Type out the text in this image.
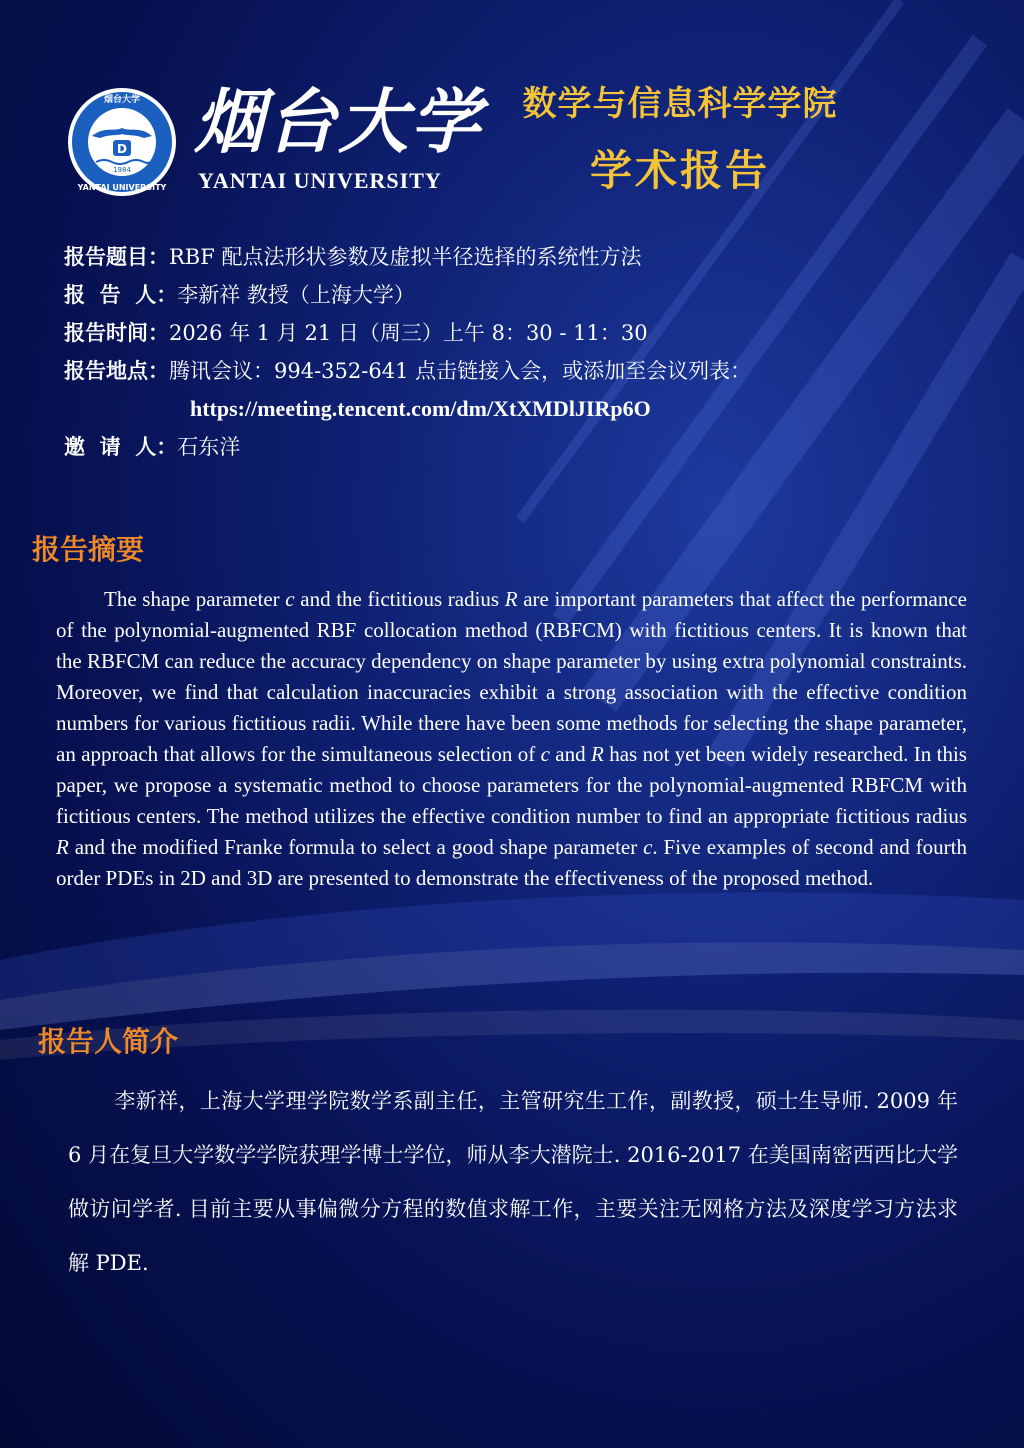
D
1984
烟台大学
YANTAI UNIVERSITY
烟台大学
YANTAI UNIVERSITY
数学与信息科学学院
学术报告
报告题目：RBF 配点法形状参数及虚拟半径选择的系统性方法
报  告  人：李新祥 教授（上海大学）
报告时间：2026 年 1 月 21 日（周三）上午 8：30 - 11：30
报告地点：腾讯会议：994-352-641 点击链接入会，或添加至会议列表：
https://meeting.tencent.com/dm/XtXMDlJIRp6O
邀  请  人：石东洋
报告摘要

The shape parameter c and the fictitious radius R are important parameters that affect the performance of the polynomial-augmented RBF collocation method (RBFCM) with fictitious centers. It is known that the RBFCM can reduce the accuracy dependency on shape parameter by using extra polynomial constraints. Moreover, we find that calculation inaccuracies exhibit a strong association with the effective condition numbers for various fictitious radii. While there have been some methods for selecting the shape parameter, an approach that allows for the simultaneous selection of c and R has not yet been widely researched. In this paper, we propose a systematic method to choose parameters for the polynomial-augmented RBFCM with fictitious centers. The method utilizes the effective condition number to find an appropriate fictitious radius R and the modified Franke formula to select a good shape parameter c. Five examples of second and fourth order PDEs in 2D and 3D are presented to demonstrate the effectiveness of the proposed method.

报告人简介

李新祥，上海大学理学院数学系副主任，主管研究生工作，副教授，硕士生导师. 2009 年 6 月在复旦大学数学学院获理学博士学位，师从李大潜院士. 2016-2017 在美国南密西西比大学做访问学者. 目前主要从事偏微分方程的数值求解工作，主要关注无网格方法及深度学习方法求解 PDE.
